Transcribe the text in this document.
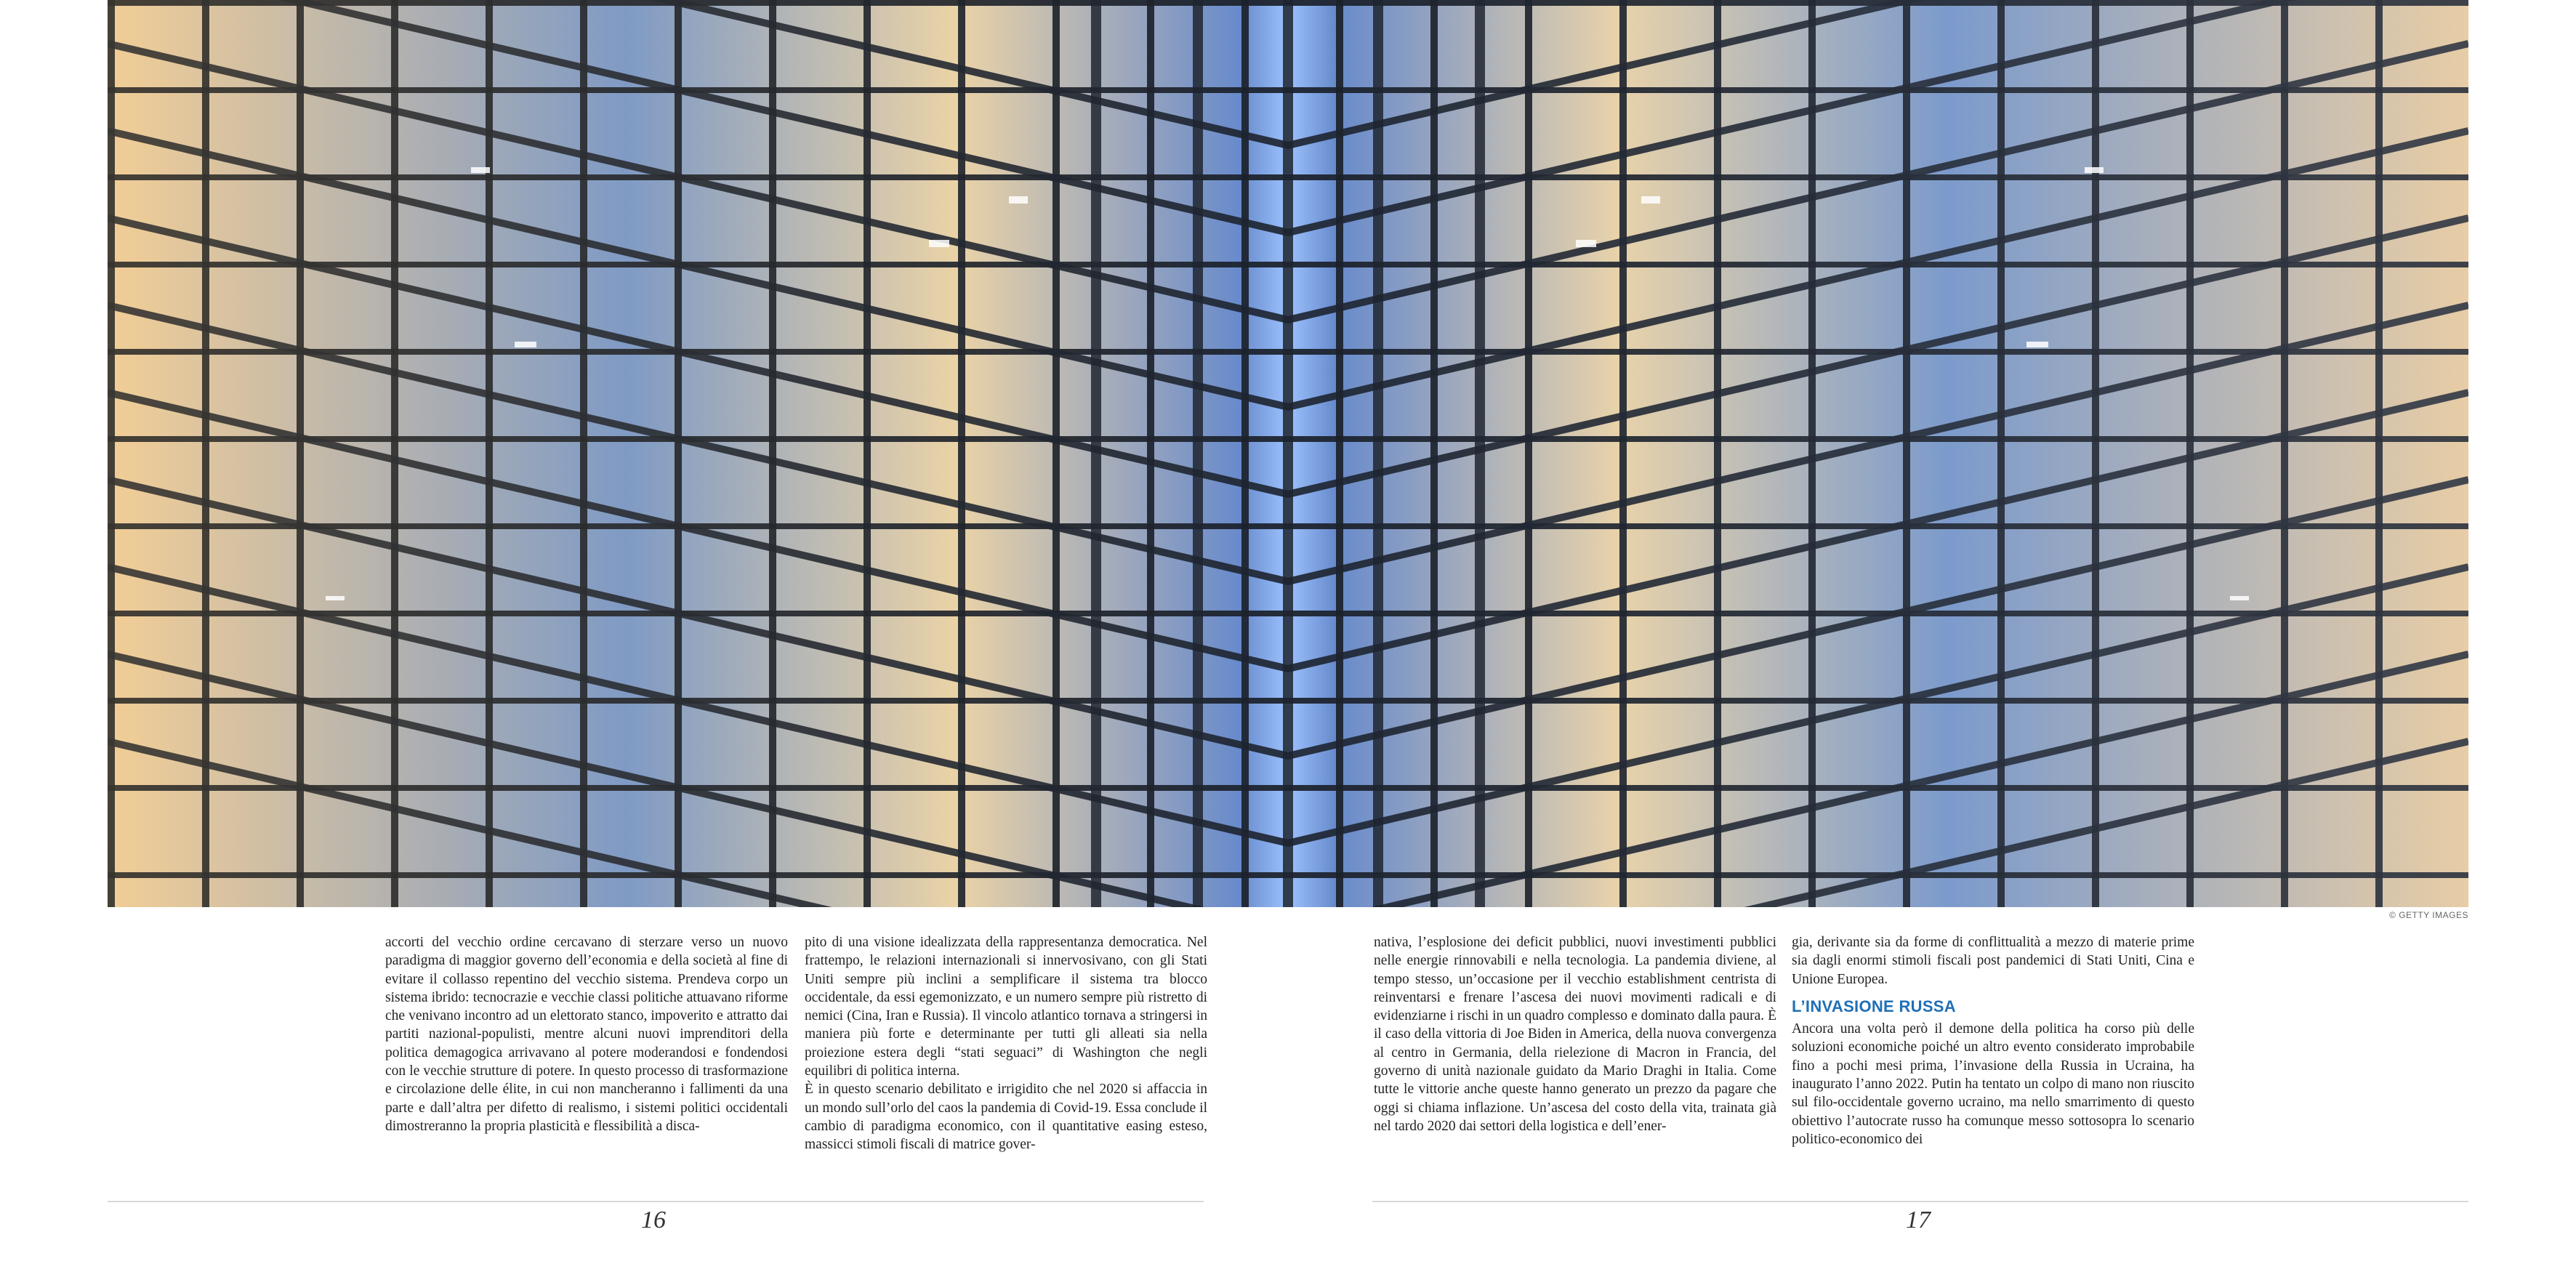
© GETTY IMAGES

accorti del vecchio ordine cercavano di sterzare verso un nuovo paradigma di maggior governo dell’economia e della società al fine di evitare il collasso repentino del vecchio sistema. Prendeva corpo un sistema ibrido: tecnocrazie e vecchie classi politiche attuavano riforme che venivano incontro ad un elettorato stanco, impoverito e attratto dai partiti nazional-populisti, mentre alcuni nuovi imprenditori della politica demagogica arrivavano al potere moderandosi e fondendosi con le vecchie strutture di potere. In questo processo di trasformazione e circolazione delle élite, in cui non mancheranno i fallimenti da una parte e dall’altra per difetto di realismo, i sistemi politici occidentali dimostreranno la propria plasticità e flessibilità a disca-

pito di una visione idealizzata della rappresentanza democratica. Nel frattempo, le relazioni internazionali si innervosivano, con gli Stati Uniti sempre più inclini a semplificare il sistema tra blocco occidentale, da essi egemonizzato, e un numero sempre più ristretto di nemici (Cina, Iran e Russia). Il vincolo atlantico tornava a stringersi in maniera più forte e determinante per tutti gli alleati sia nella proiezione estera degli “stati seguaci” di Washington che negli equilibri di politica interna.

È in questo scenario debilitato e irrigidito che nel 2020 si affaccia in un mondo sull’orlo del caos la pandemia di Covid-19. Essa conclude il cambio di paradigma economico, con il quantitative easing esteso, massicci stimoli fiscali di matrice gover-

nativa, l’esplosione dei deficit pubblici, nuovi investimenti pubblici nelle energie rinnovabili e nella tecnologia. La pandemia diviene, al tempo stesso, un’occasione per il vecchio establishment centrista di reinventarsi e frenare l’ascesa dei nuovi movimenti radicali e di evidenziarne i rischi in un quadro complesso e dominato dalla paura. È il caso della vittoria di Joe Biden in America, della nuova convergenza al centro in Germania, della rielezione di Macron in Francia, del governo di unità nazionale guidato da Mario Draghi in Italia. Come tutte le vittorie anche queste hanno generato un prezzo da pagare che oggi si chiama inflazione. Un’ascesa del costo della vita, trainata già nel tardo 2020 dai settori della logistica e dell’ener-

gia, derivante sia da forme di conflittualità a mezzo di materie prime sia dagli enormi stimoli fiscali post pandemici di Stati Uniti, Cina e Unione Europea.

L’INVASIONE RUSSA

Ancora una volta però il demone della politica ha corso più delle soluzioni economiche poiché un altro evento considerato improbabile fino a pochi mesi prima, l’invasione della Russia in Ucraina, ha inaugurato l’anno 2022. Putin ha tentato un colpo di mano non riuscito sul filo-occidentale governo ucraino, ma nello smarrimento di questo obiettivo l’autocrate russo ha comunque messo sottosopra lo scenario politico-economico dei

16	17
